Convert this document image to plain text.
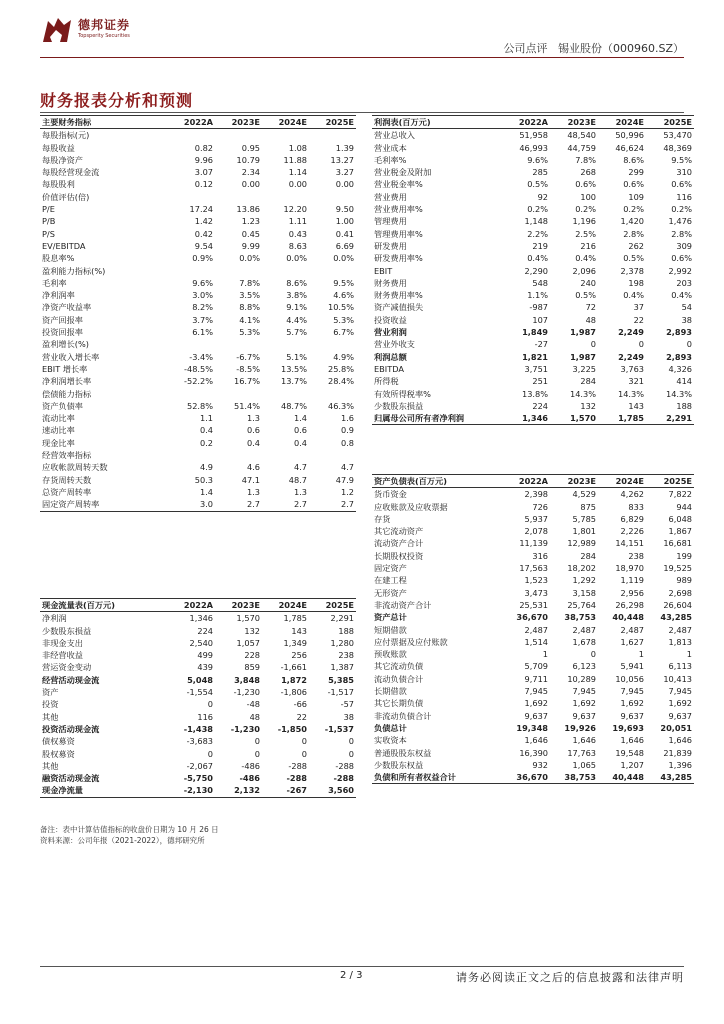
德邦证券
Topsperity Securities
公司点评 锡业股份（000960.SZ）
财务报表分析和预测
主要财务指标	2022A	2023E	2024E	2025E
每股指标(元)				
每股收益	0.82	0.95	1.08	1.39
每股净资产	9.96	10.79	11.88	13.27
每股经营现金流	3.07	2.34	1.14	3.27
每股股利	0.12	0.00	0.00	0.00
价值评估(倍)				
P/E	17.24	13.86	12.20	9.50
P/B	1.42	1.23	1.11	1.00
P/S	0.42	0.45	0.43	0.41
EV/EBITDA	9.54	9.99	8.63	6.69
股息率%	0.9%	0.0%	0.0%	0.0%
盈利能力指标(%)				
毛利率	9.6%	7.8%	8.6%	9.5%
净利润率	3.0%	3.5%	3.8%	4.6%
净资产收益率	8.2%	8.8%	9.1%	10.5%
资产回报率	3.7%	4.1%	4.4%	5.3%
投资回报率	6.1%	5.3%	5.7%	6.7%
盈利增长(%)				
营业收入增长率	-3.4%	-6.7%	5.1%	4.9%
EBIT 增长率	-48.5%	-8.5%	13.5%	25.8%
净利润增长率	-52.2%	16.7%	13.7%	28.4%
偿债能力指标				
资产负债率	52.8%	51.4%	48.7%	46.3%
流动比率	1.1	1.3	1.4	1.6
速动比率	0.4	0.6	0.6	0.9
现金比率	0.2	0.4	0.4	0.8
经营效率指标				
应收帐款周转天数	4.9	4.6	4.7	4.7
存货周转天数	50.3	47.1	48.7	47.9
总资产周转率	1.4	1.3	1.3	1.2
固定资产周转率	3.0	2.7	2.7	2.7
现金流量表(百万元)	2022A	2023E	2024E	2025E
净利润	1,346	1,570	1,785	2,291
少数股东损益	224	132	143	188
非现金支出	2,540	1,057	1,349	1,280
非经营收益	499	228	256	238
营运资金变动	439	859	-1,661	1,387
经营活动现金流	5,048	3,848	1,872	5,385
资产	-1,554	-1,230	-1,806	-1,517
投资	0	-48	-66	-57
其他	116	48	22	38
投资活动现金流	-1,438	-1,230	-1,850	-1,537
债权募资	-3,683	0	0	0
股权募资	0	0	0	0
其他	-2,067	-486	-288	-288
融资活动现金流	-5,750	-486	-288	-288
现金净流量	-2,130	2,132	-267	3,560
利润表(百万元)	2022A	2023E	2024E	2025E
营业总收入	51,958	48,540	50,996	53,470
营业成本	46,993	44,759	46,624	48,369
毛利率%	9.6%	7.8%	8.6%	9.5%
营业税金及附加	285	268	299	310
营业税金率%	0.5%	0.6%	0.6%	0.6%
营业费用	92	100	109	116
营业费用率%	0.2%	0.2%	0.2%	0.2%
管理费用	1,148	1,196	1,420	1,476
管理费用率%	2.2%	2.5%	2.8%	2.8%
研发费用	219	216	262	309
研发费用率%	0.4%	0.4%	0.5%	0.6%
EBIT	2,290	2,096	2,378	2,992
财务费用	548	240	198	203
财务费用率%	1.1%	0.5%	0.4%	0.4%
资产减值损失	-987	72	37	54
投资收益	107	48	22	38
营业利润	1,849	1,987	2,249	2,893
营业外收支	-27	0	0	0
利润总额	1,821	1,987	2,249	2,893
EBITDA	3,751	3,225	3,763	4,326
所得税	251	284	321	414
有效所得税率%	13.8%	14.3%	14.3%	14.3%
少数股东损益	224	132	143	188
归属母公司所有者净利润	1,346	1,570	1,785	2,291
资产负债表(百万元)	2022A	2023E	2024E	2025E
货币资金	2,398	4,529	4,262	7,822
应收账款及应收票据	726	875	833	944
存货	5,937	5,785	6,829	6,048
其它流动资产	2,078	1,801	2,226	1,867
流动资产合计	11,139	12,989	14,151	16,681
长期股权投资	316	284	238	199
固定资产	17,563	18,202	18,970	19,525
在建工程	1,523	1,292	1,119	989
无形资产	3,473	3,158	2,956	2,698
非流动资产合计	25,531	25,764	26,298	26,604
资产总计	36,670	38,753	40,448	43,285
短期借款	2,487	2,487	2,487	2,487
应付票据及应付账款	1,514	1,678	1,627	1,813
预收账款	1	0	1	1
其它流动负债	5,709	6,123	5,941	6,113
流动负债合计	9,711	10,289	10,056	10,413
长期借款	7,945	7,945	7,945	7,945
其它长期负债	1,692	1,692	1,692	1,692
非流动负债合计	9,637	9,637	9,637	9,637
负债总计	19,348	19,926	19,693	20,051
实收资本	1,646	1,646	1,646	1,646
普通股股东权益	16,390	17,763	19,548	21,839
少数股东权益	932	1,065	1,207	1,396
负债和所有者权益合计	36,670	38,753	40,448	43,285
备注：表中计算估值指标的收盘价日期为 10 月 26 日
资料来源：公司年报（2021-2022），德邦研究所
2 / 3	请务必阅读正文之后的信息披露和法律声明
